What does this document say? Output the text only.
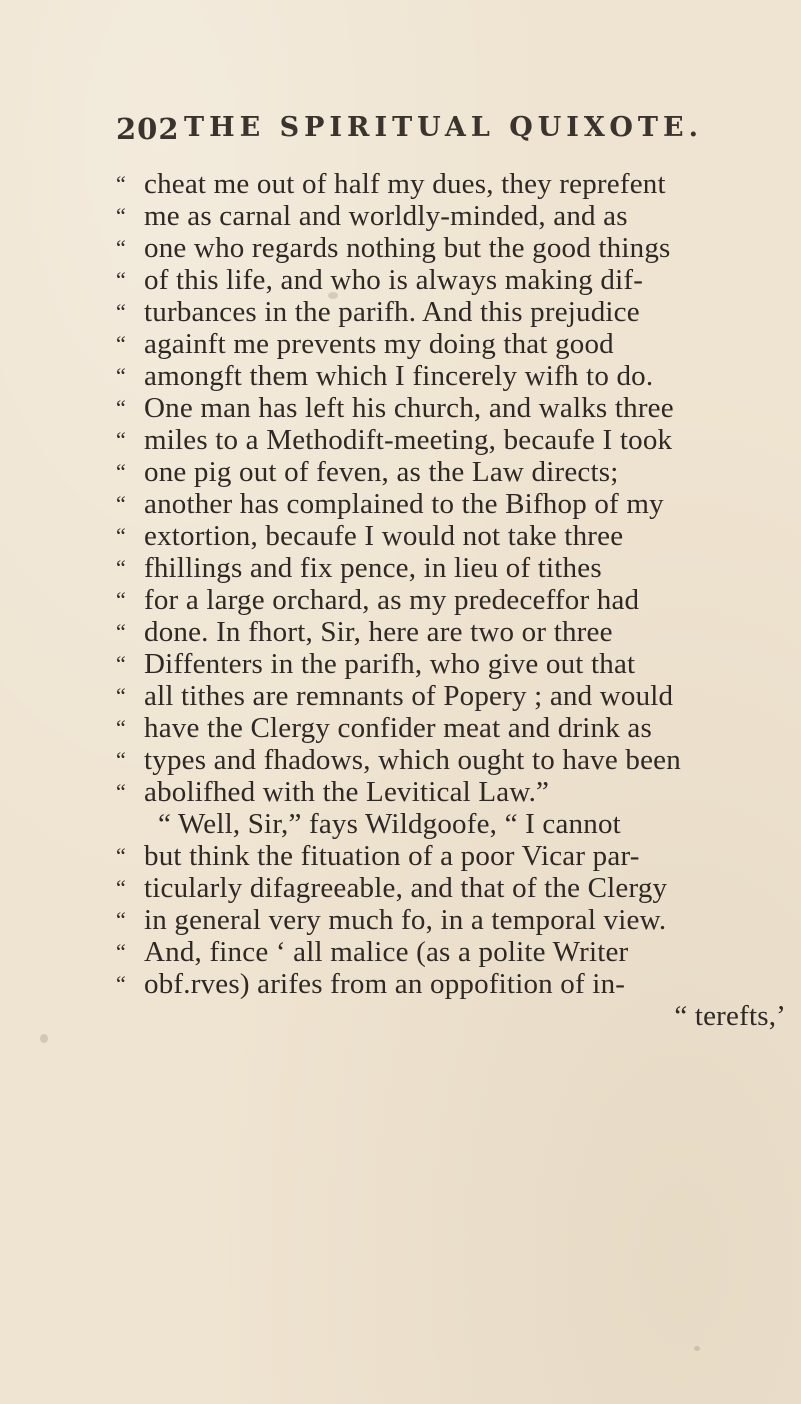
202 THE SPIRITUAL QUIXOTE.
“ cheat me out of half my dues, they reprefent
“ me as carnal and worldly-minded, and as
“ one who regards nothing but the good things
“ of this life, and who is always making dif-
“ turbances in the parifh. And this prejudice
“ againft me prevents my doing that good
“ amongft them which I fincerely wifh to do.
“ One man has left his church, and walks three
“ miles to a Methodift-meeting, becaufe I took
“ one pig out of feven, as the Law directs;
“ another has complained to the Bifhop of my
“ extortion, becaufe I would not take three
“ fhillings and fix pence, in lieu of tithes
“ for a large orchard, as my predeceffor had
“ done. In fhort, Sir, here are two or three
“ Diffenters in the parifh, who give out that
“ all tithes are remnants of Popery ; and would
“ have the Clergy confider meat and drink as
“ types and fhadows, which ought to have been
“ abolifhed with the Levitical Law.”
“ Well, Sir,” fays Wildgoofe, “ I cannot
“ but think the fituation of a poor Vicar par-
“ ticularly difagreeable, and that of the Clergy
“ in general very much fo, in a temporal view.
“ And, fince ‘ all malice (as a polite Writer
“ obf.rves) arifes from an oppofition of in-
“ terefts,’
